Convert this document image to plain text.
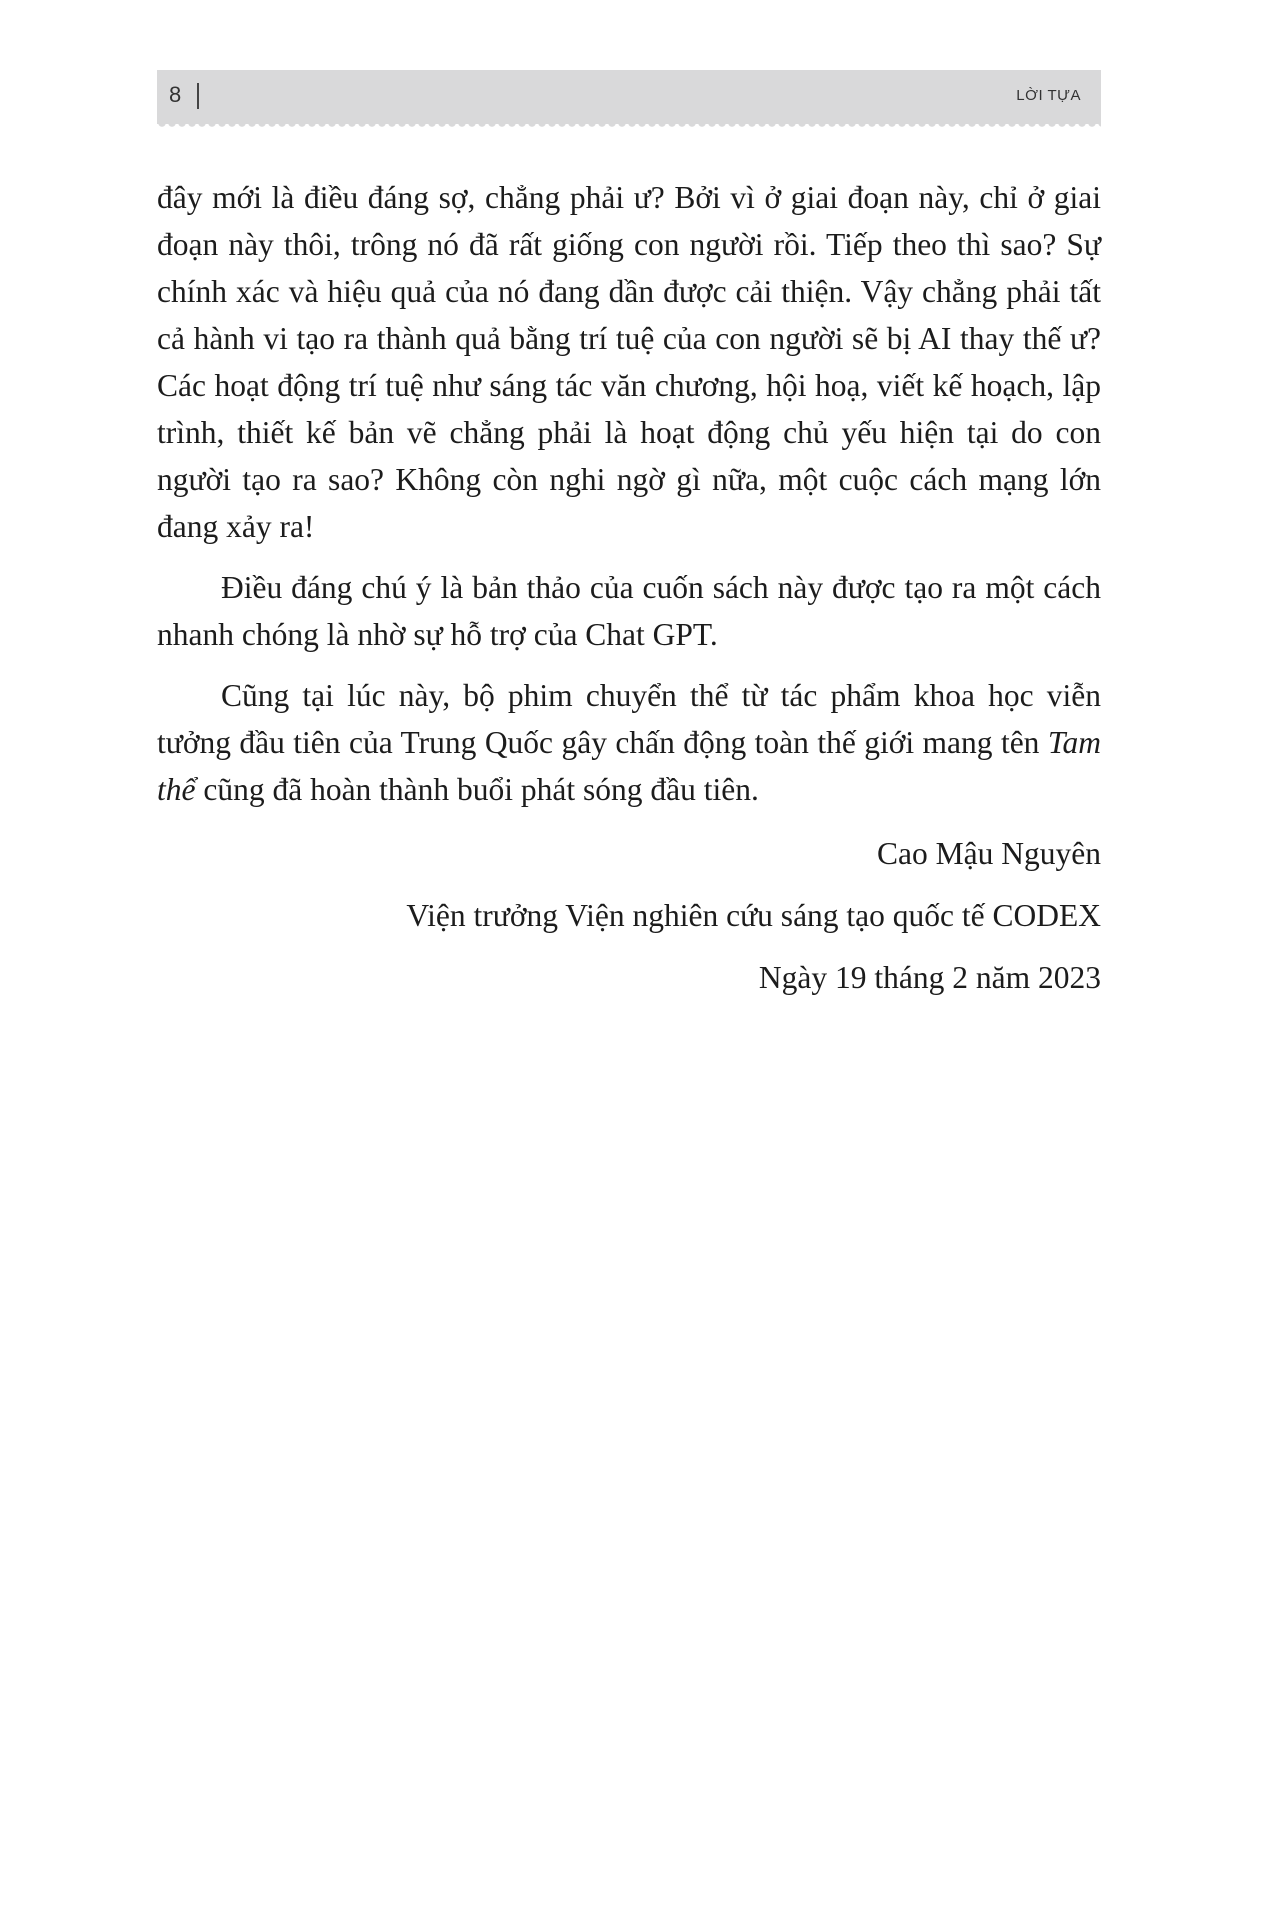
8	LỜI TỰA

đây mới là điều đáng sợ, chẳng phải ư? Bởi vì ở giai đoạn này, chỉ ở giai đoạn này thôi, trông nó đã rất giống con người rồi. Tiếp theo thì sao? Sự chính xác và hiệu quả của nó đang dần được cải thiện. Vậy chẳng phải tất cả hành vi tạo ra thành quả bằng trí tuệ của con người sẽ bị AI thay thế ư? Các hoạt động trí tuệ như sáng tác văn chương, hội hoạ, viết kế hoạch, lập trình, thiết kế bản vẽ chẳng phải là hoạt động chủ yếu hiện tại do con người tạo ra sao? Không còn nghi ngờ gì nữa, một cuộc cách mạng lớn đang xảy ra!

Điều đáng chú ý là bản thảo của cuốn sách này được tạo ra một cách nhanh chóng là nhờ sự hỗ trợ của Chat GPT.

Cũng tại lúc này, bộ phim chuyển thể từ tác phẩm khoa học viễn tưởng đầu tiên của Trung Quốc gây chấn động toàn thế giới mang tên Tam thể cũng đã hoàn thành buổi phát sóng đầu tiên.

Cao Mậu Nguyên
Viện trưởng Viện nghiên cứu sáng tạo quốc tế CODEX
Ngày 19 tháng 2 năm 2023
